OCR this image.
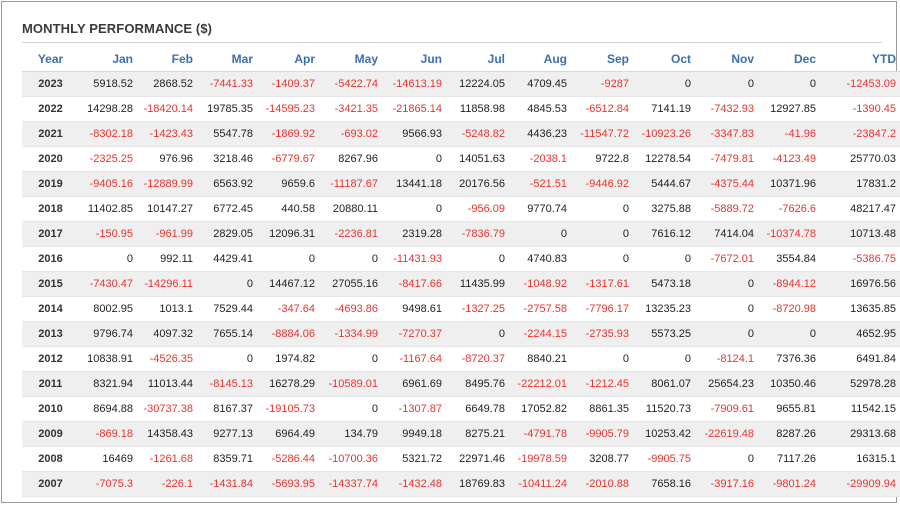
MONTHLY PERFORMANCE ($)
Year	Jan	Feb	Mar	Apr	May	Jun	Jul	Aug	Sep	Oct	Nov	Dec	YTD
2023	5918.52	2868.52	-7441.33	-1409.37	-5422.74	-14613.19	12224.05	4709.45	-9287	0	0	0	-12453.09
2022	14298.28	-18420.14	19785.35	-14595.23	-3421.35	-21865.14	11858.98	4845.53	-6512.84	7141.19	-7432.93	12927.85	-1390.45
2021	-8302.18	-1423.43	5547.78	-1869.92	-693.02	9566.93	-5248.82	4436.23	-11547.72	-10923.26	-3347.83	-41.96	-23847.2
2020	-2325.25	976.96	3218.46	-6779.67	8267.96	0	14051.63	-2038.1	9722.8	12278.54	-7479.81	-4123.49	25770.03
2019	-9405.16	-12889.99	6563.92	9659.6	-11187.67	13441.18	20176.56	-521.51	-9446.92	5444.67	-4375.44	10371.96	17831.2
2018	11402.85	10147.27	6772.45	440.58	20880.11	0	-956.09	9770.74	0	3275.88	-5889.72	-7626.6	48217.47
2017	-150.95	-961.99	2829.05	12096.31	-2236.81	2319.28	-7836.79	0	0	7616.12	7414.04	-10374.78	10713.48
2016	0	992.11	4429.41	0	0	-11431.93	0	4740.83	0	0	-7672.01	3554.84	-5386.75
2015	-7430.47	-14296.11	0	14467.12	27055.16	-8417.66	11435.99	-1048.92	-1317.61	5473.18	0	-8944.12	16976.56
2014	8002.95	1013.1	7529.44	-347.64	-4693.86	9498.61	-1327.25	-2757.58	-7796.17	13235.23	0	-8720.98	13635.85
2013	9796.74	4097.32	7655.14	-8884.06	-1334.99	-7270.37	0	-2244.15	-2735.93	5573.25	0	0	4652.95
2012	10838.91	-4526.35	0	1974.82	0	-1167.64	-8720.37	8840.21	0	0	-8124.1	7376.36	6491.84
2011	8321.94	11013.44	-8145.13	16278.29	-10589.01	6961.69	8495.76	-22212.01	-1212.45	8061.07	25654.23	10350.46	52978.28
2010	8694.88	-30737.38	8167.37	-19105.73	0	-1307.87	6649.78	17052.82	8861.35	11520.73	-7909.61	9655.81	11542.15
2009	-869.18	14358.43	9277.13	6964.49	134.79	9949.18	8275.21	-4791.78	-9905.79	10253.42	-22619.48	8287.26	29313.68
2008	16469	-1261.68	8359.71	-5286.44	-10700.36	5321.72	22971.46	-19978.59	3208.77	-9905.75	0	7117.26	16315.1
2007	-7075.3	-226.1	-1431.84	-5693.95	-14337.74	-1432.48	18769.83	-10411.24	-2010.88	7658.16	-3917.16	-9801.24	-29909.94
